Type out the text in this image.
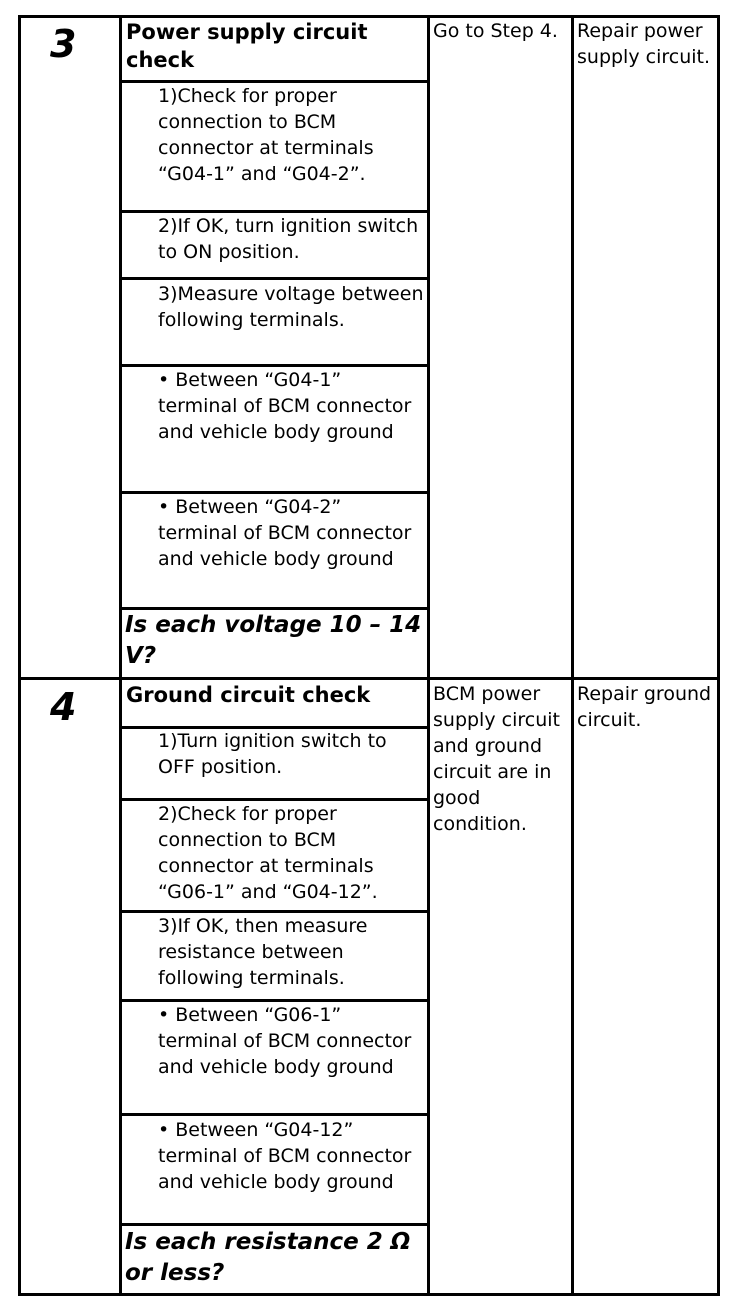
3 Power supply circuit check
1)Check for proper connection to BCM connector at terminals “G04-1” and “G04-2”.
2)If OK, turn ignition switch to ON position.
3)Measure voltage between following terminals.
• Between “G04-1” terminal of BCM connector and vehicle body ground
• Between “G04-2” terminal of BCM connector and vehicle body ground
Is each voltage 10 – 14 V?
Go to Step 4.	Repair power supply circuit.
4 Ground circuit check
1)Turn ignition switch to OFF position.
2)Check for proper connection to BCM connector at terminals “G06-1” and “G04-12”.
3)If OK, then measure resistance between following terminals.
• Between “G06-1” terminal of BCM connector and vehicle body ground
• Between “G04-12” terminal of BCM connector and vehicle body ground
Is each resistance 2 Ω or less?
BCM power supply circuit and ground circuit are in good condition.
Repair ground circuit.
